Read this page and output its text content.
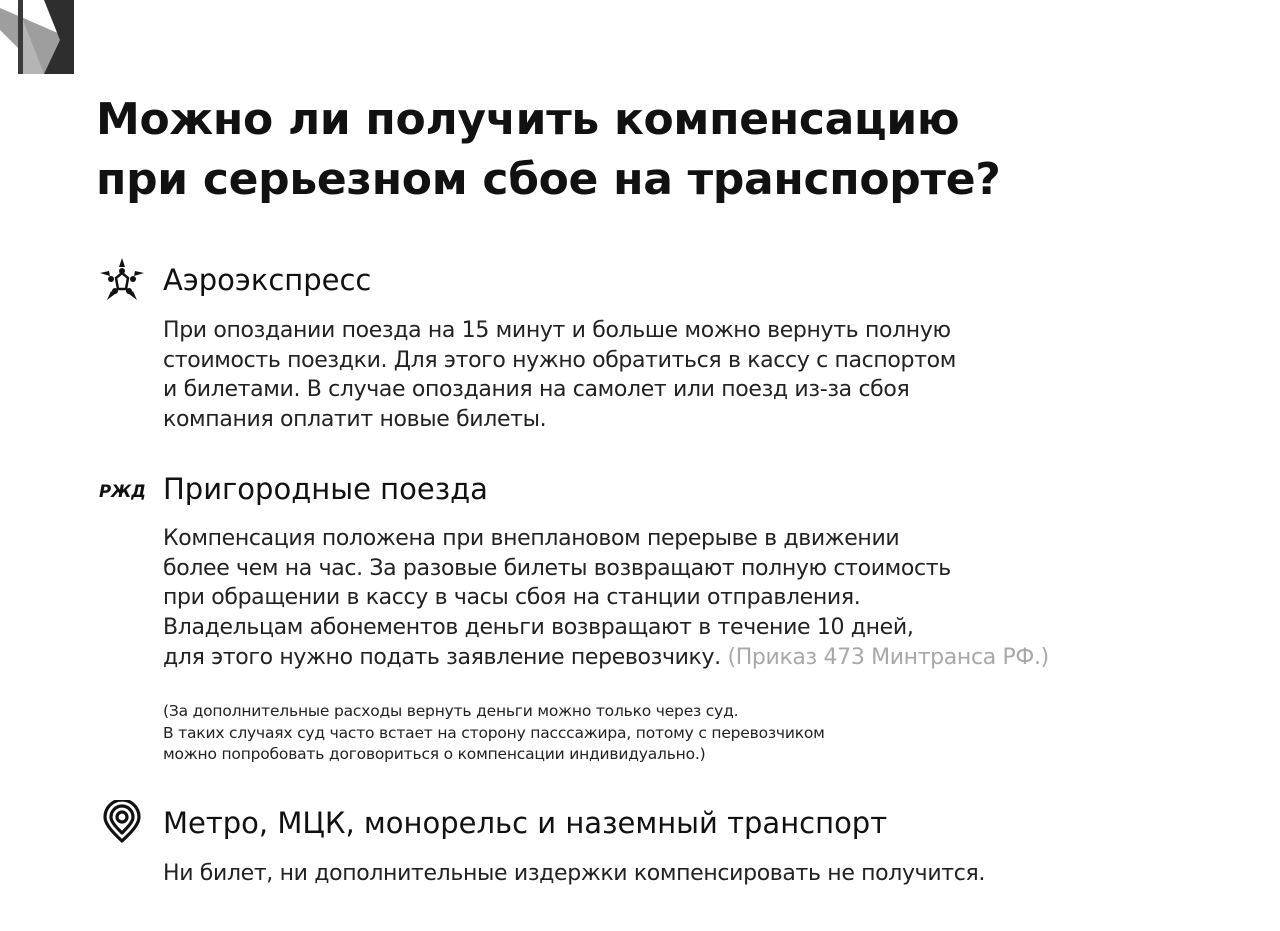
Можно ли получить компенсацию
при серьезном сбое на транспорте?
Аэроэкспресс

При опоздании поезда на 15 минут и больше можно вернуть полную
стоимость поездки. Для этого нужно обратиться в кассу с паспортом
и билетами. В случае опоздания на самолет или поезд из-за сбоя
компания оплатит новые билеты.

РЖД Пригородные поезда

Компенсация положена при внеплановом перерыве в движении
более чем на час. За разовые билеты возвращают полную стоимость
при обращении в кассу в часы сбоя на станции отправления.
Владельцам абонементов деньги возвращают в течение 10 дней,
для этого нужно подать заявление перевозчику. (Приказ 473 Минтранса РФ.)

(За дополнительные расходы вернуть деньги можно только через суд.
В таких случаях суд часто встает на сторону пасссажира, потому с перевозчиком
можно попробовать договориться о компенсации индивидуально.)

Метро, МЦК, монорельс и наземный транспорт

Ни билет, ни дополнительные издержки компенсировать не получится.
